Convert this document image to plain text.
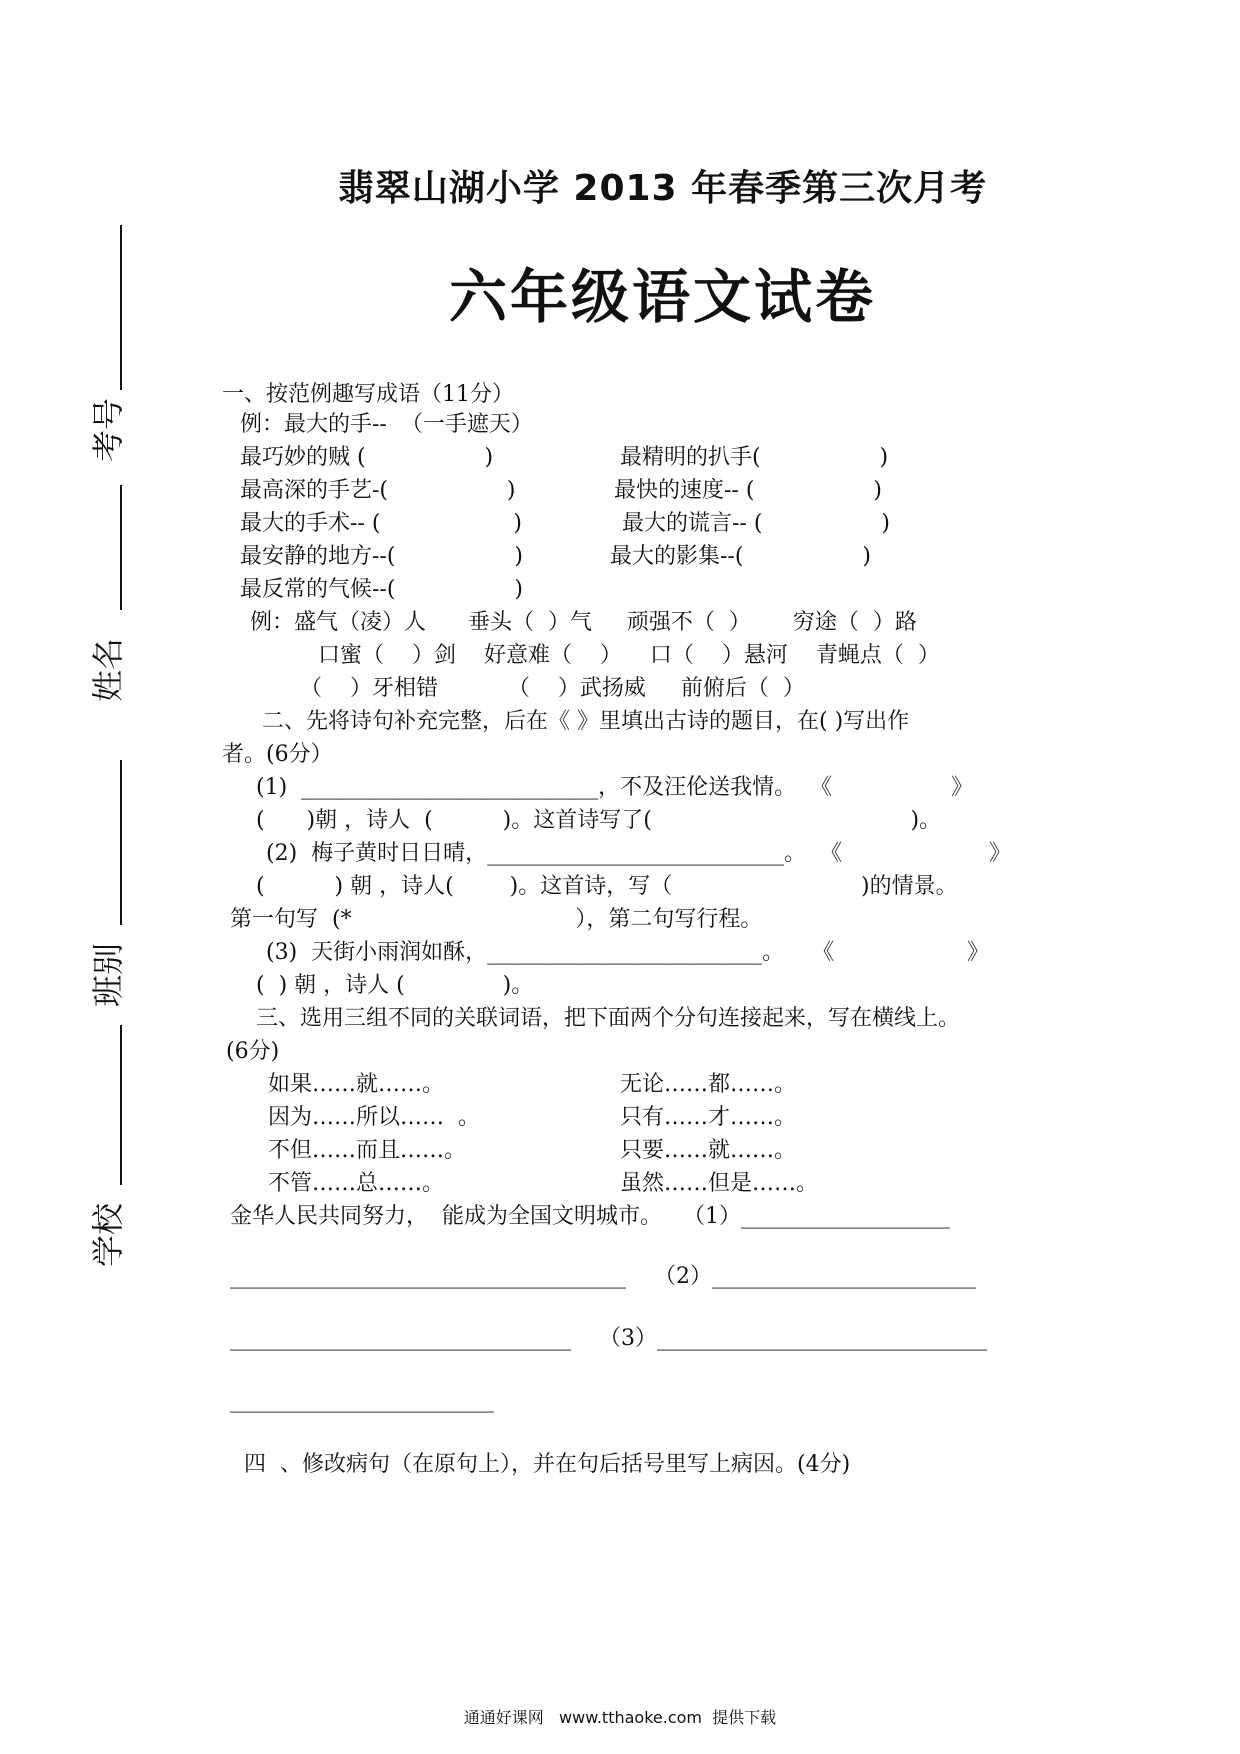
翡翠山湖小学 2013 年春季第三次月考
六年级语文试卷
考号
姓名
班别
学校
一、按范例趣写成语（11分）
例：最大的手--  （一手遮天）
最巧妙的贼 (                 )	最精明的扒手(                 )
最高深的手艺-(                 )	最快的速度-- (                 )
最大的手术-- (                   )	最大的谎言-- (                 )
最安静的地方--(                 )	最大的影集--(                 )
最反常的气候--(                 )
例：盛气（凌）人      垂头（  ）气     顽强不（  ）      穷途（  ）路
口蜜（    ）剑    好意难（    ）    口（    ）悬河    青蝇点（  ）
（    ）牙相错          （    ）武扬威     前俯后（  ）
二、先将诗句补充完整，后在《 》里填出古诗的题目，在( )写出作
者。(6分）
(1)  ___________________________，不及汪伦送我情。  《                 》
(      )朝 ，诗人  (          )。这首诗写了(                                     )。
(2)  梅子黄时日日晴，___________________________。  《                     》
(          ) 朝 ，诗人(        )。这首诗，写（                           )的情景。
第一句写  (*                                ），第二句写行程。
(3)  天街小雨润如酥，_________________________。    《                   》
(  ) 朝 ，诗人 (              )。
三、选用三组不同的关联词语，把下面两个分句连接起来，写在横线上。
(6分)
如果……就……。	无论……都……。
因为……所以……  。	只有……才……。
不但……而且……。	只要……就……。
不管……总……。	虽然……但是……。
金华人民共同努力，  能成为全国文明城市。   （1）___________________
____________________________________    （2）________________________
_______________________________    （3）______________________________
________________________
四  、修改病句（在原句上），并在句后括号里写上病因。(4分)
通通好课网   www.tthaoke.com  提供下载
